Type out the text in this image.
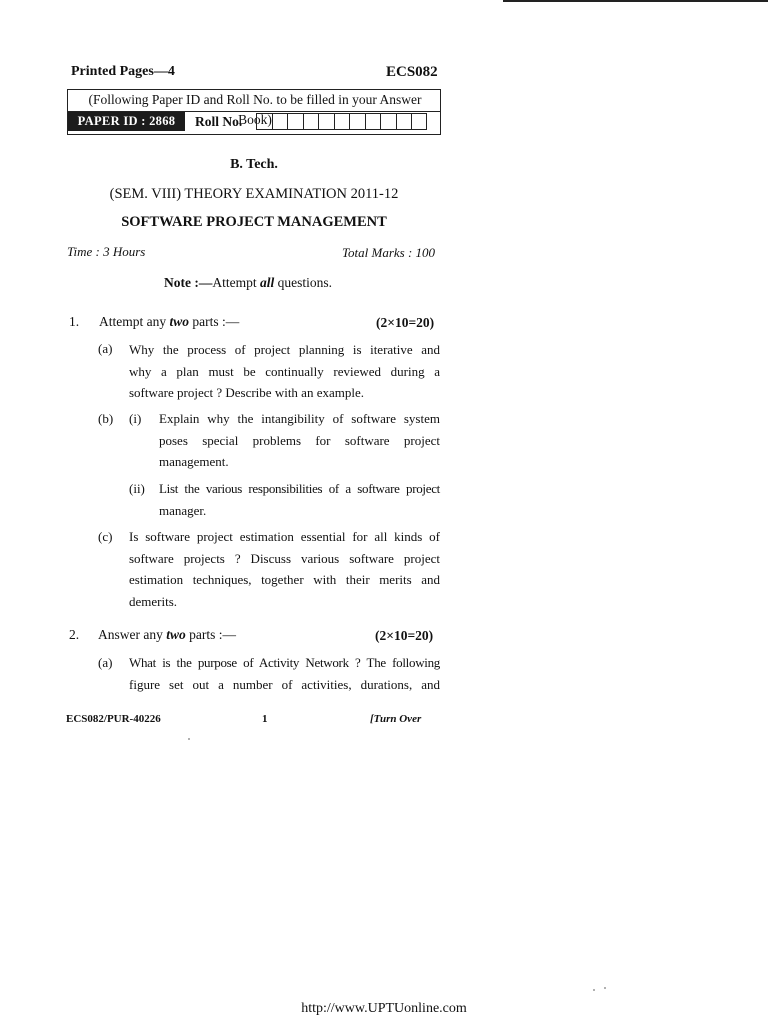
Printed Pages—4	ECS082
(Following Paper ID and Roll No. to be filled in your Answer Book)
PAPER ID : 2868	Roll No.
B. Tech.
(SEM. VIII) THEORY EXAMINATION 2011-12
SOFTWARE PROJECT MANAGEMENT
Time : 3 Hours	Total Marks : 100
Note :—Attempt all questions.
1. Attempt any two parts :—	(2×10=20)
(a) Why the process of project planning is iterative and
why a plan must be continually reviewed during a
software project ? Describe with an example.
(b) (i) Explain why the intangibility of software system
poses special problems for software project
management.
(ii) List the various responsibilities of a software project
manager.
(c) Is software project estimation essential for all kinds of
software projects ? Discuss various software project
estimation techniques, together with their merits and
demerits.
2. Answer any two parts :—	(2×10=20)
(a) What is the purpose of Activity Network ? The following
figure set out a number of activities, durations, and
ECS082/PUR-40226	1	[Turn Over
http://www.UPTUonline.com
